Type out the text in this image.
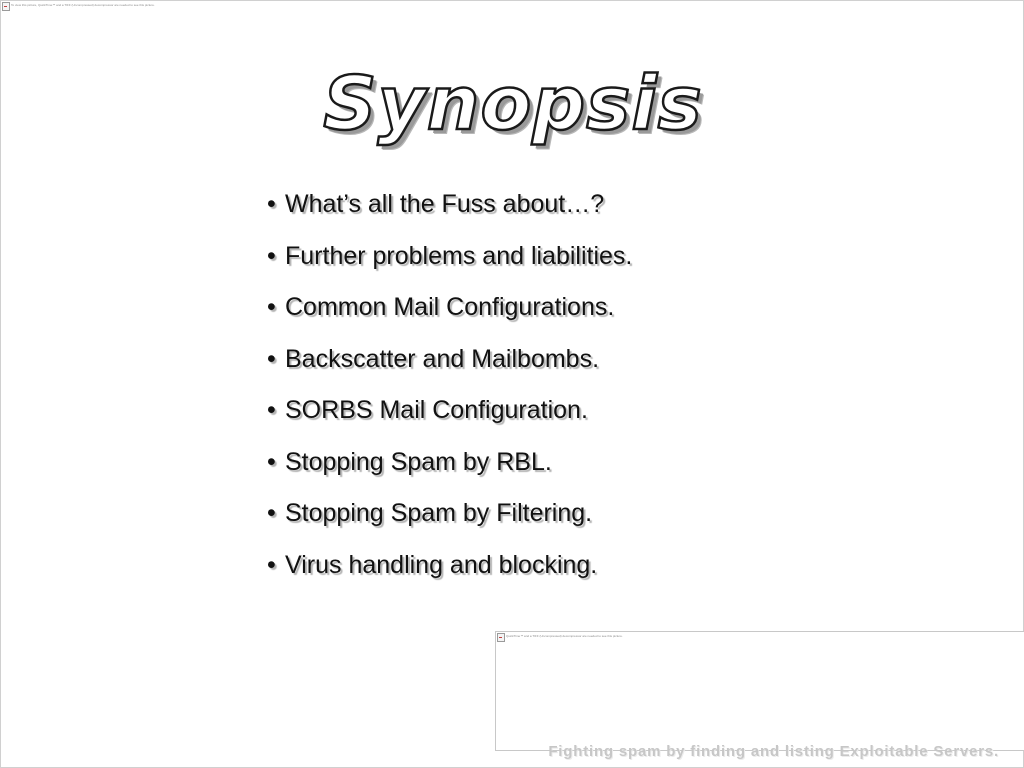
To view this picture, QuickTime™ and a TIFF (Uncompressed) decompressor are needed to see this picture.
Synopsis
• What’s all the Fuss about…?
• Further problems and liabilities.
• Common Mail Configurations.
• Backscatter and Mailbombs.
• SORBS Mail Configuration.
• Stopping Spam by RBL.
• Stopping Spam by Filtering.
• Virus handling and blocking.
QuickTime™ and a TIFF (Uncompressed) decompressor are needed to see this picture.
Fighting spam by finding and listing Exploitable Servers.
